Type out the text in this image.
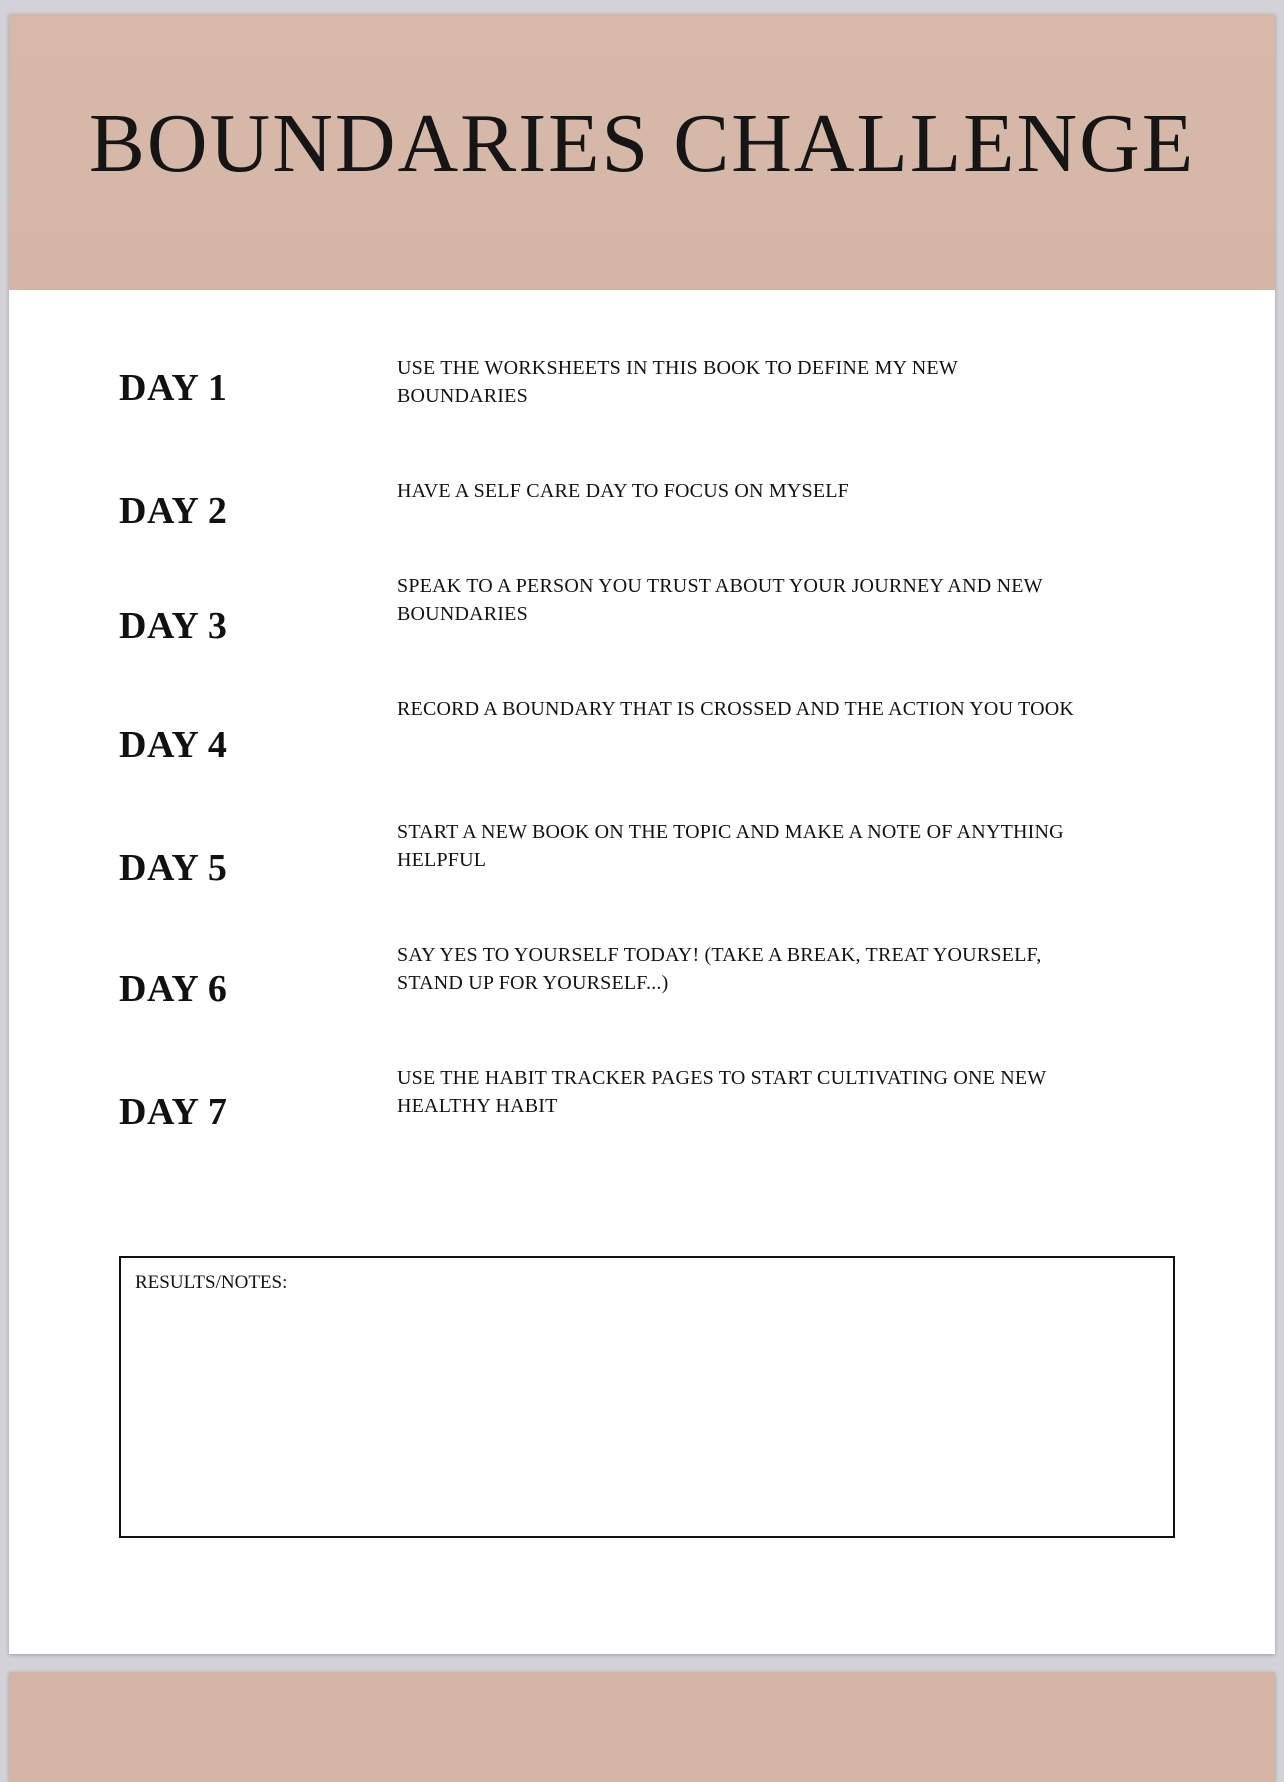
BOUNDARIES CHALLENGE
DAY 1	USE THE WORKSHEETS IN THIS BOOK TO DEFINE MY NEW BOUNDARIES
DAY 2	HAVE A SELF CARE DAY TO FOCUS ON MYSELF
DAY 3
SPEAK TO A PERSON YOU TRUST ABOUT YOUR JOURNEY AND NEW BOUNDARIES
DAY 4
RECORD A BOUNDARY THAT IS CROSSED AND THE ACTION YOU TOOK
DAY 5
START A NEW BOOK ON THE TOPIC AND MAKE A NOTE OF ANYTHING HELPFUL
DAY 6
SAY YES TO YOURSELF TODAY! (TAKE A BREAK, TREAT YOURSELF, STAND UP FOR YOURSELF...)
DAY 7
USE THE HABIT TRACKER PAGES TO START CULTIVATING ONE NEW HEALTHY HABIT
RESULTS/NOTES:
